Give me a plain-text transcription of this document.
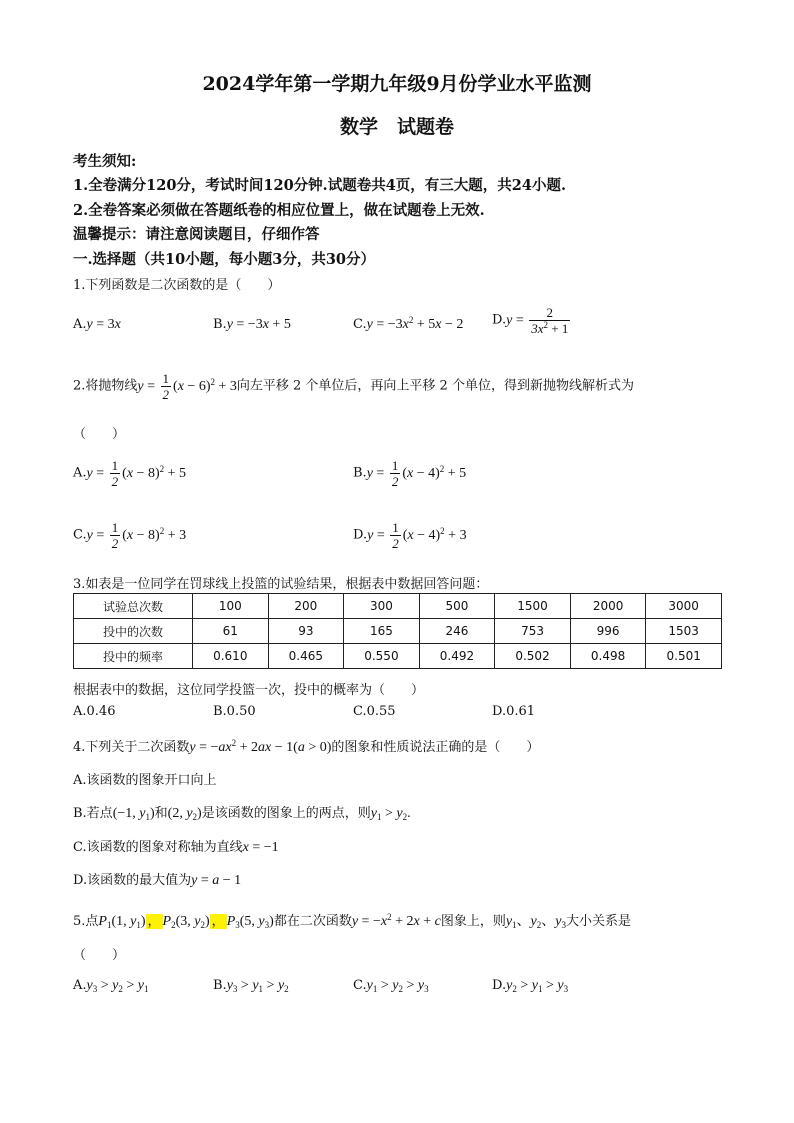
2024学年第一学期九年级9月份学业水平监测
数学　试题卷
考生须知:
1.全卷满分120分，考试时间120分钟.试题卷共4页，有三大题，共24小题.
2.全卷答案必须做在答题纸卷的相应位置上，做在试题卷上无效.
温馨提示：请注意阅读题目，仔细作答
一.选择题（共10小题，每小题3分，共30分）
1.下列函数是二次函数的是（　　）
A.y = 3x	B.y = −3x + 5	$C.y = -3x^2 + 5x - 2$ $D.y = \frac{2}{3x^2 + 1}$
2.将抛物线$y = \frac{1}{2} (x - 6)^2 + 3$向左平移 2 个单位后，再向上平移 2 个单位，得到新抛物线解析式为
（　　）
$A.y = \frac{1}{2} (x - 8)^2 + 5$	$B.y = \frac{1}{2} (x - 4)^2 + 5$
$C.y = \frac{1}{2} (x - 8)^2 + 3$	$D.y = \frac{1}{2} (x - 4)^2 + 3$
3.如表是一位同学在罚球线上投篮的试验结果，根据表中数据回答问题：
试验总次数	100	200	300	500	1500	2000	3000
投中的次数	61	93	165	246	753	996	1503
投中的频率	0.610	0.465	0.550	0.492	0.502	0.498	0.501
根据表中的数据，这位同学投篮一次，投中的概率为（　　）
A.0.46	B.0.50	C.0.55	D.0.61
4.下列关于二次函数$y = -ax^2 + 2ax - 1(a > 0)$的图象和性质说法正确的是（　　）
A.该函数的图象开口向上
B.若点(−1, $y_1$)和(2, $y_2$)是该函数的图象上的两点，则$y_1 > y_2$.
C.该函数的图象对称轴为直线x = −1
D.该函数的最大值为y = a − 1
5.点$P_1(1$, $y_1$) ， $P_2(3$, $y_2$) ， $P_3(5$, $y_3$)都在二次函数$y = -x^2 + 2x + c$图象上，则$y_1$、$y_2$、$y_3$大小关系是
（　　）
$A.y_3 > y_2 > y_1$	$B.y_3 > y_1 > y_2$	$C.y_1 > y_2 > y_3$	$D.y_2 > y_1 > y_3$
